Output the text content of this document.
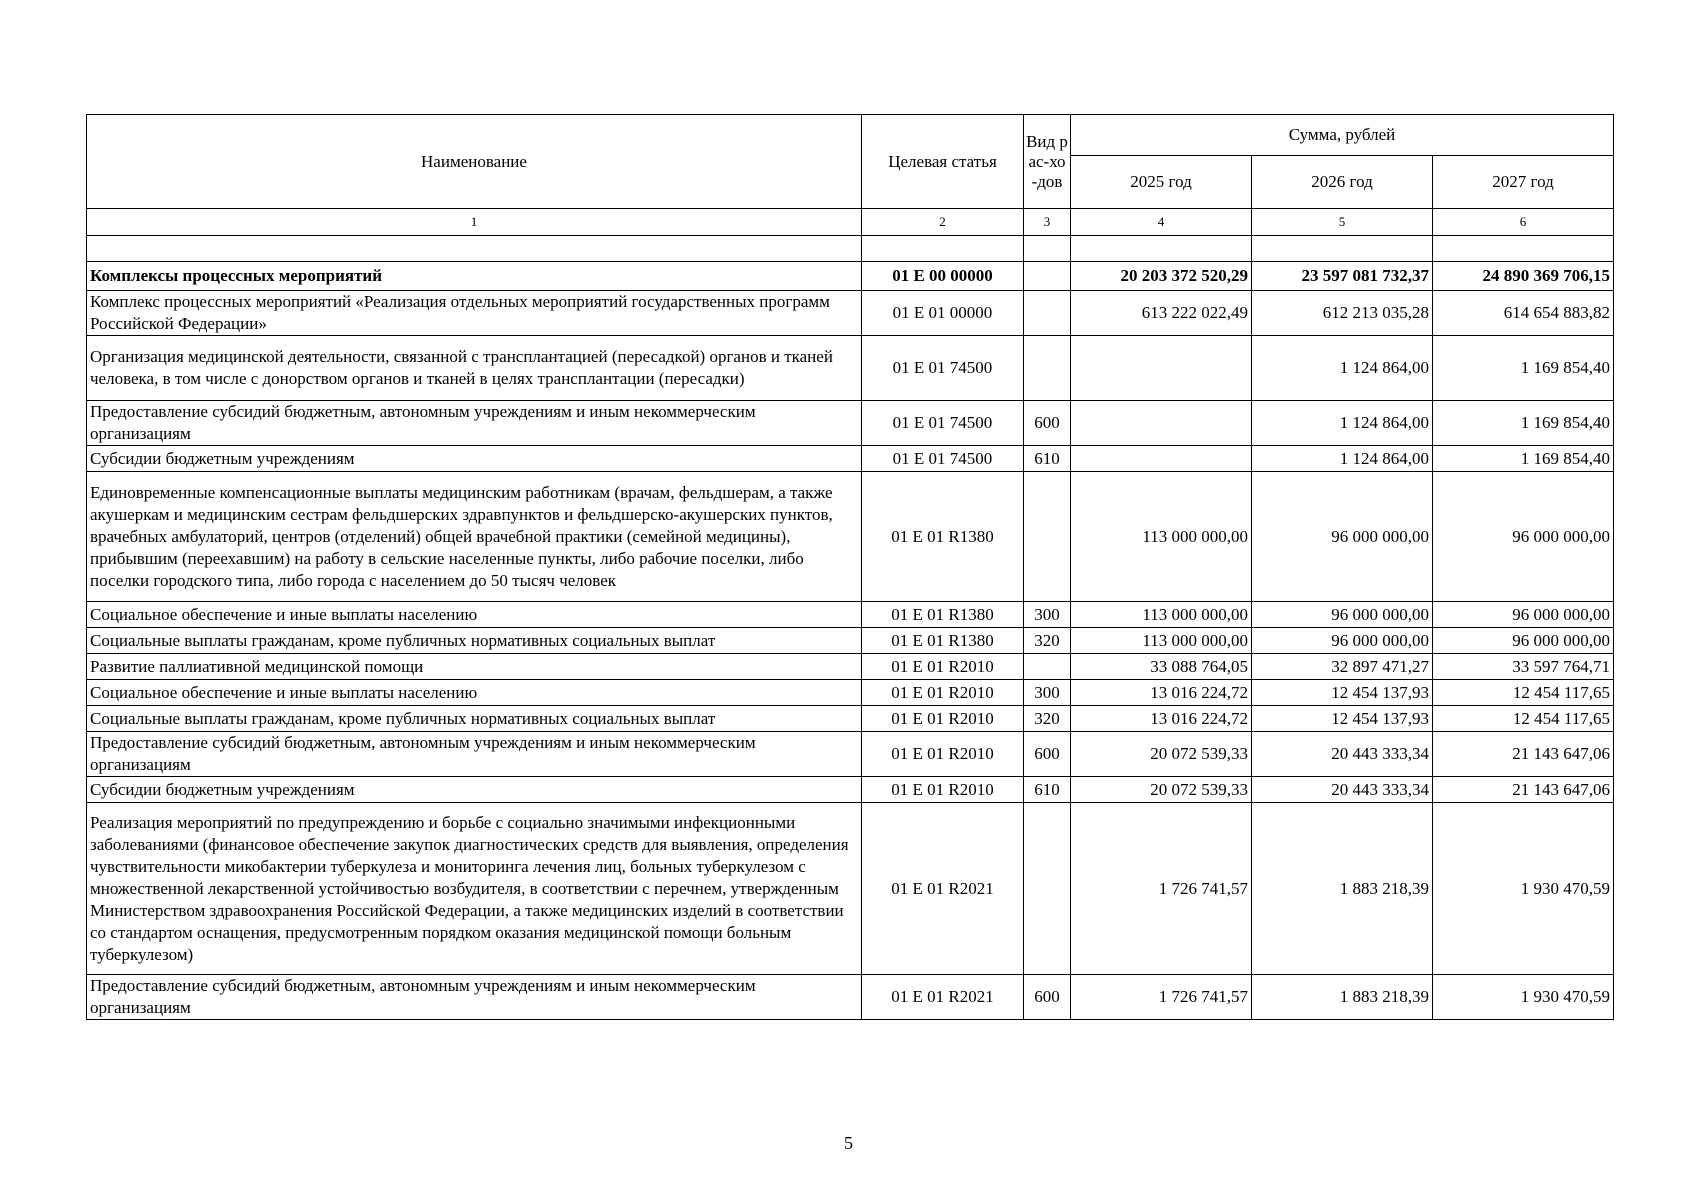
Наименование	Целевая статья	Вид рас-хо-дов	Сумма, рублей		
			2025 год	2026 год	2027 год
1	2	3	4	5	6

Комплексы процессных мероприятий	01 Е 00 00000		20 203 372 520,29	23 597 081 732,37	24 890 369 706,15
Комплекс процессных мероприятий «Реализация отдельных мероприятий государственных программ Российской Федерации»	01 Е 01 00000		613 222 022,49	612 213 035,28	614 654 883,82
Организация медицинской деятельности, связанной с трансплантацией (пересадкой) органов и тканей человека, в том числе с донорством органов и тканей в целях трансплантации (пересадки)	01 Е 01 74500			1 124 864,00	1 169 854,40
Предоставление субсидий бюджетным, автономным учреждениям и иным некоммерческим организациям	01 Е 01 74500	600		1 124 864,00	1 169 854,40
Субсидии бюджетным учреждениям	01 Е 01 74500	610		1 124 864,00	1 169 854,40
Единовременные компенсационные выплаты медицинским работникам (врачам, фельдшерам, а также акушеркам и медицинским сестрам фельдшерских здравпунктов и фельдшерско-акушерских пунктов, врачебных амбулаторий, центров (отделений) общей врачебной практики (семейной медицины), прибывшим (переехавшим) на работу в сельские населенные пункты, либо рабочие поселки, либо поселки городского типа, либо города с населением до 50 тысяч человек	01 Е 01 R1380		113 000 000,00	96 000 000,00	96 000 000,00
Социальное обеспечение и иные выплаты населению	01 Е 01 R1380	300	113 000 000,00	96 000 000,00	96 000 000,00
Социальные выплаты гражданам, кроме публичных нормативных социальных выплат	01 Е 01 R1380	320	113 000 000,00	96 000 000,00	96 000 000,00
Развитие паллиативной медицинской помощи	01 Е 01 R2010		33 088 764,05	32 897 471,27	33 597 764,71
Социальное обеспечение и иные выплаты населению	01 Е 01 R2010	300	13 016 224,72	12 454 137,93	12 454 117,65
Социальные выплаты гражданам, кроме публичных нормативных социальных выплат	01 Е 01 R2010	320	13 016 224,72	12 454 137,93	12 454 117,65
Предоставление субсидий бюджетным, автономным учреждениям и иным некоммерческим организациям	01 Е 01 R2010	600	20 072 539,33	20 443 333,34	21 143 647,06
Субсидии бюджетным учреждениям	01 Е 01 R2010	610	20 072 539,33	20 443 333,34	21 143 647,06
Реализация мероприятий по предупреждению и борьбе с социально значимыми инфекционными заболеваниями (финансовое обеспечение закупок диагностических средств для выявления, определения чувствительности микобактерии туберкулеза и мониторинга лечения лиц, больных туберкулезом с множественной лекарственной устойчивостью возбудителя, в соответствии с перечнем, утвержденным Министерством здравоохранения Российской Федерации, а также медицинских изделий в соответствии со стандартом оснащения, предусмотренным порядком оказания медицинской помощи больным туберкулезом)	01 Е 01 R2021		1 726 741,57	1 883 218,39	1 930 470,59
Предоставление субсидий бюджетным, автономным учреждениям и иным некоммерческим организациям	01 Е 01 R2021	600	1 726 741,57	1 883 218,39	1 930 470,59
5
